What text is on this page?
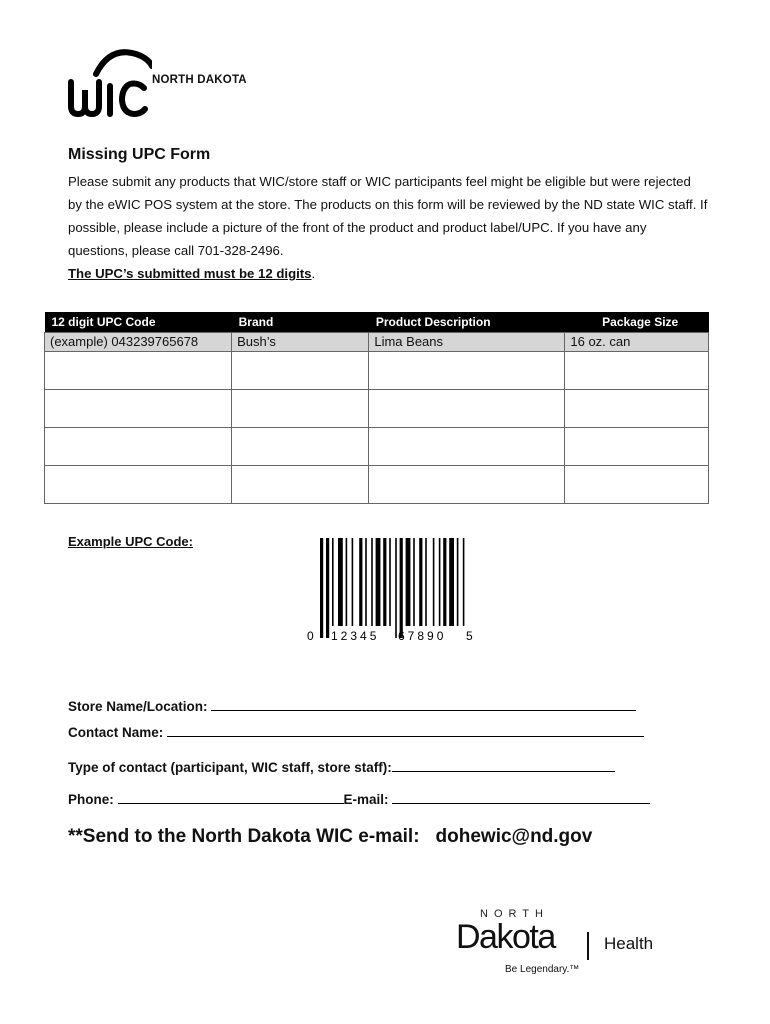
NORTH DAKOTA
Missing UPC Form

Please submit any products that WIC/store staff or WIC participants feel might be eligible but were rejected by the eWIC POS system at the store. The products on this form will be reviewed by the ND state WIC staff. If possible, please include a picture of the front of the product and product label/UPC. If you have any questions, please call 701-328-2496.

The UPC’s submitted must be 12 digits.

12 digit UPC Code	Brand	Product Description	Package Size
(example) 043239765678	Bush’s	Lima Beans	16 oz. can

Example UPC Code:
0 12345 67890 5
Store Name/Location:
Contact Name:
Type of contact (participant, WIC staff, store staff):
Phone:	E-mail:
**Send to the North Dakota WIC e-mail: dohewic@nd.gov
NORTH
Dakota	Health
Be Legendary.™
